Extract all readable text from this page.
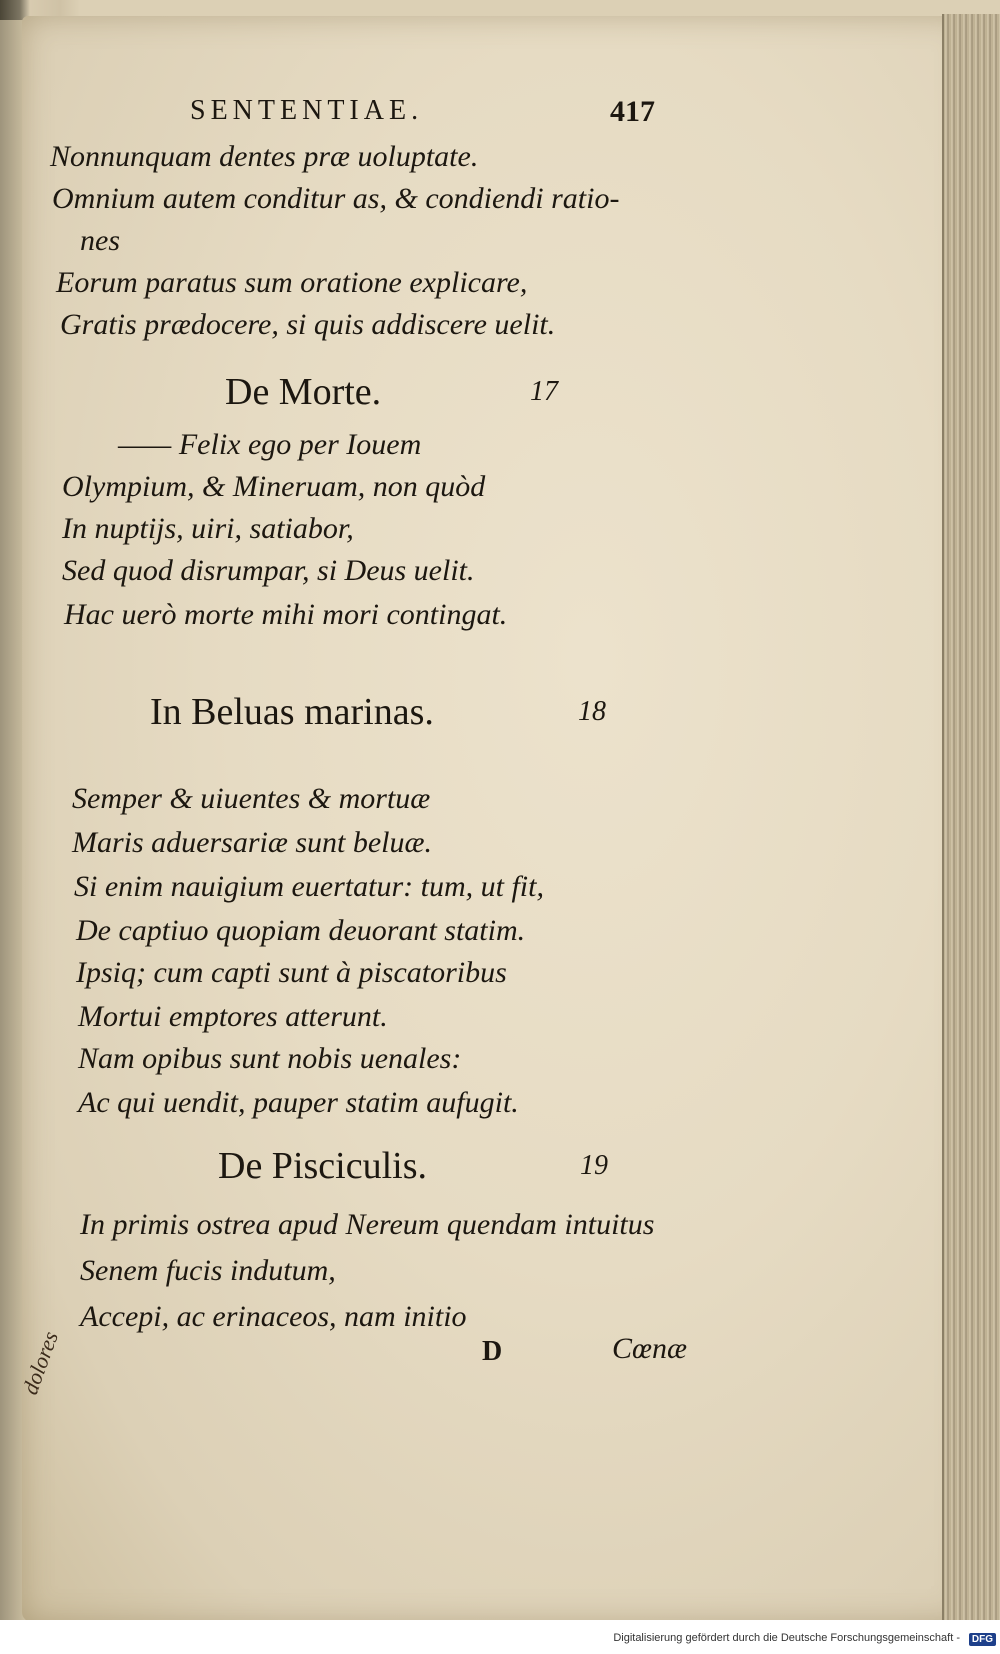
dolores
SENTENTIAE.	417
Nonnunquam dentes præ uoluptate.
Omnium autem conditur as, & condiendi ratio-
nes
Eorum paratus sum oratione explicare,
Gratis prædocere, si quis addiscere uelit.
De Morte.	17
—— Felix ego per Iouem
Olympium, & Mineruam, non quòd
In nuptijs, uiri, satiabor,
Sed quod disrumpar, si Deus uelit.
Hac uerò morte mihi mori contingat.
In Beluas marinas.	18
Semper & uiuentes & mortuæ
Maris aduersariæ sunt beluæ.
Si enim nauigium euertatur: tum, ut fit,
De captiuo quopiam deuorant statim.
Ipsiq; cum capti sunt à piscatoribus
Mortui emptores atterunt.
Nam opibus sunt nobis uenales:
Ac qui uendit, pauper statim aufugit.
De Pisciculis.	19
In primis ostrea apud Nereum quendam intuitus
Senem fucis indutum,
Accepi, ac erinaceos, nam initio
D	Cœnæ
Digitalisierung gefördert durch die Deutsche Forschungsgemeinschaft -	DFG
